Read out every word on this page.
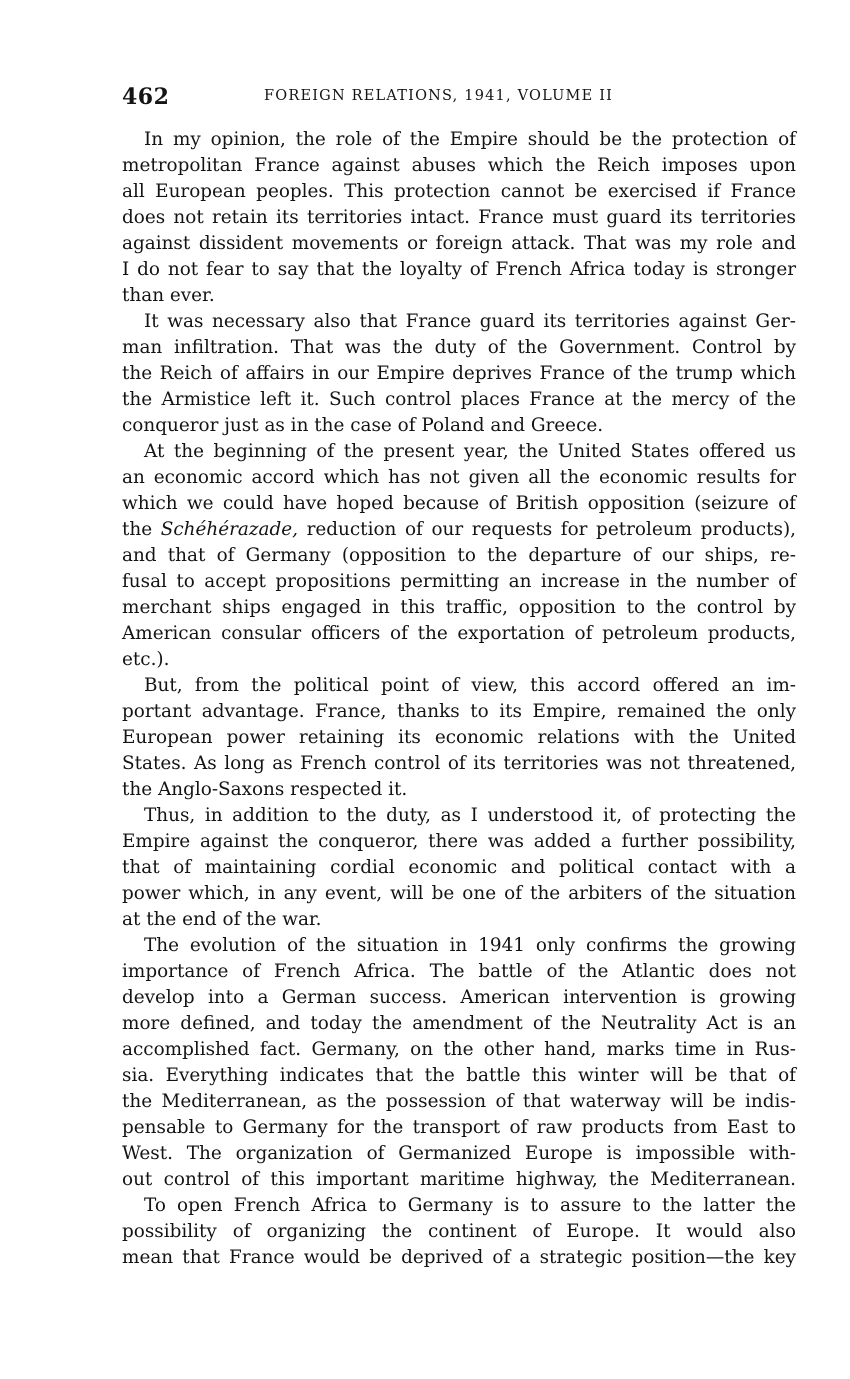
462	FOREIGN RELATIONS, 1941, VOLUME II
In my opinion, the role of the Empire should be the protection of
metropolitan France against abuses which the Reich imposes upon
all European peoples. This protection cannot be exercised if France
does not retain its territories intact. France must guard its territories
against dissident movements or foreign attack. That was my role and
I do not fear to say that the loyalty of French Africa today is stronger
than ever.
It was necessary also that France guard its territories against Ger-
man infiltration. That was the duty of the Government. Control by
the Reich of affairs in our Empire deprives France of the trump which
the Armistice left it. Such control places France at the mercy of the
conqueror just as in the case of Poland and Greece.
At the beginning of the present year, the United States offered us
an economic accord which has not given all the economic results for
which we could have hoped because of British opposition (seizure of
the Schéhérazade, reduction of our requests for petroleum products),
and that of Germany (opposition to the departure of our ships, re-
fusal to accept propositions permitting an increase in the number of
merchant ships engaged in this traffic, opposition to the control by
American consular officers of the exportation of petroleum products,
etc.).
But, from the political point of view, this accord offered an im-
portant advantage. France, thanks to its Empire, remained the only
European power retaining its economic relations with the United
States. As long as French control of its territories was not threatened,
the Anglo-Saxons respected it.
Thus, in addition to the duty, as I understood it, of protecting the
Empire against the conqueror, there was added a further possibility,
that of maintaining cordial economic and political contact with a
power which, in any event, will be one of the arbiters of the situation
at the end of the war.
The evolution of the situation in 1941 only confirms the growing
importance of French Africa. The battle of the Atlantic does not
develop into a German success. American intervention is growing
more defined, and today the amendment of the Neutrality Act is an
accomplished fact. Germany, on the other hand, marks time in Rus-
sia. Everything indicates that the battle this winter will be that of
the Mediterranean, as the possession of that waterway will be indis-
pensable to Germany for the transport of raw products from East to
West. The organization of Germanized Europe is impossible with-
out control of this important maritime highway, the Mediterranean.
To open French Africa to Germany is to assure to the latter the
possibility of organizing the continent of Europe. It would also
mean that France would be deprived of a strategic position—the key
